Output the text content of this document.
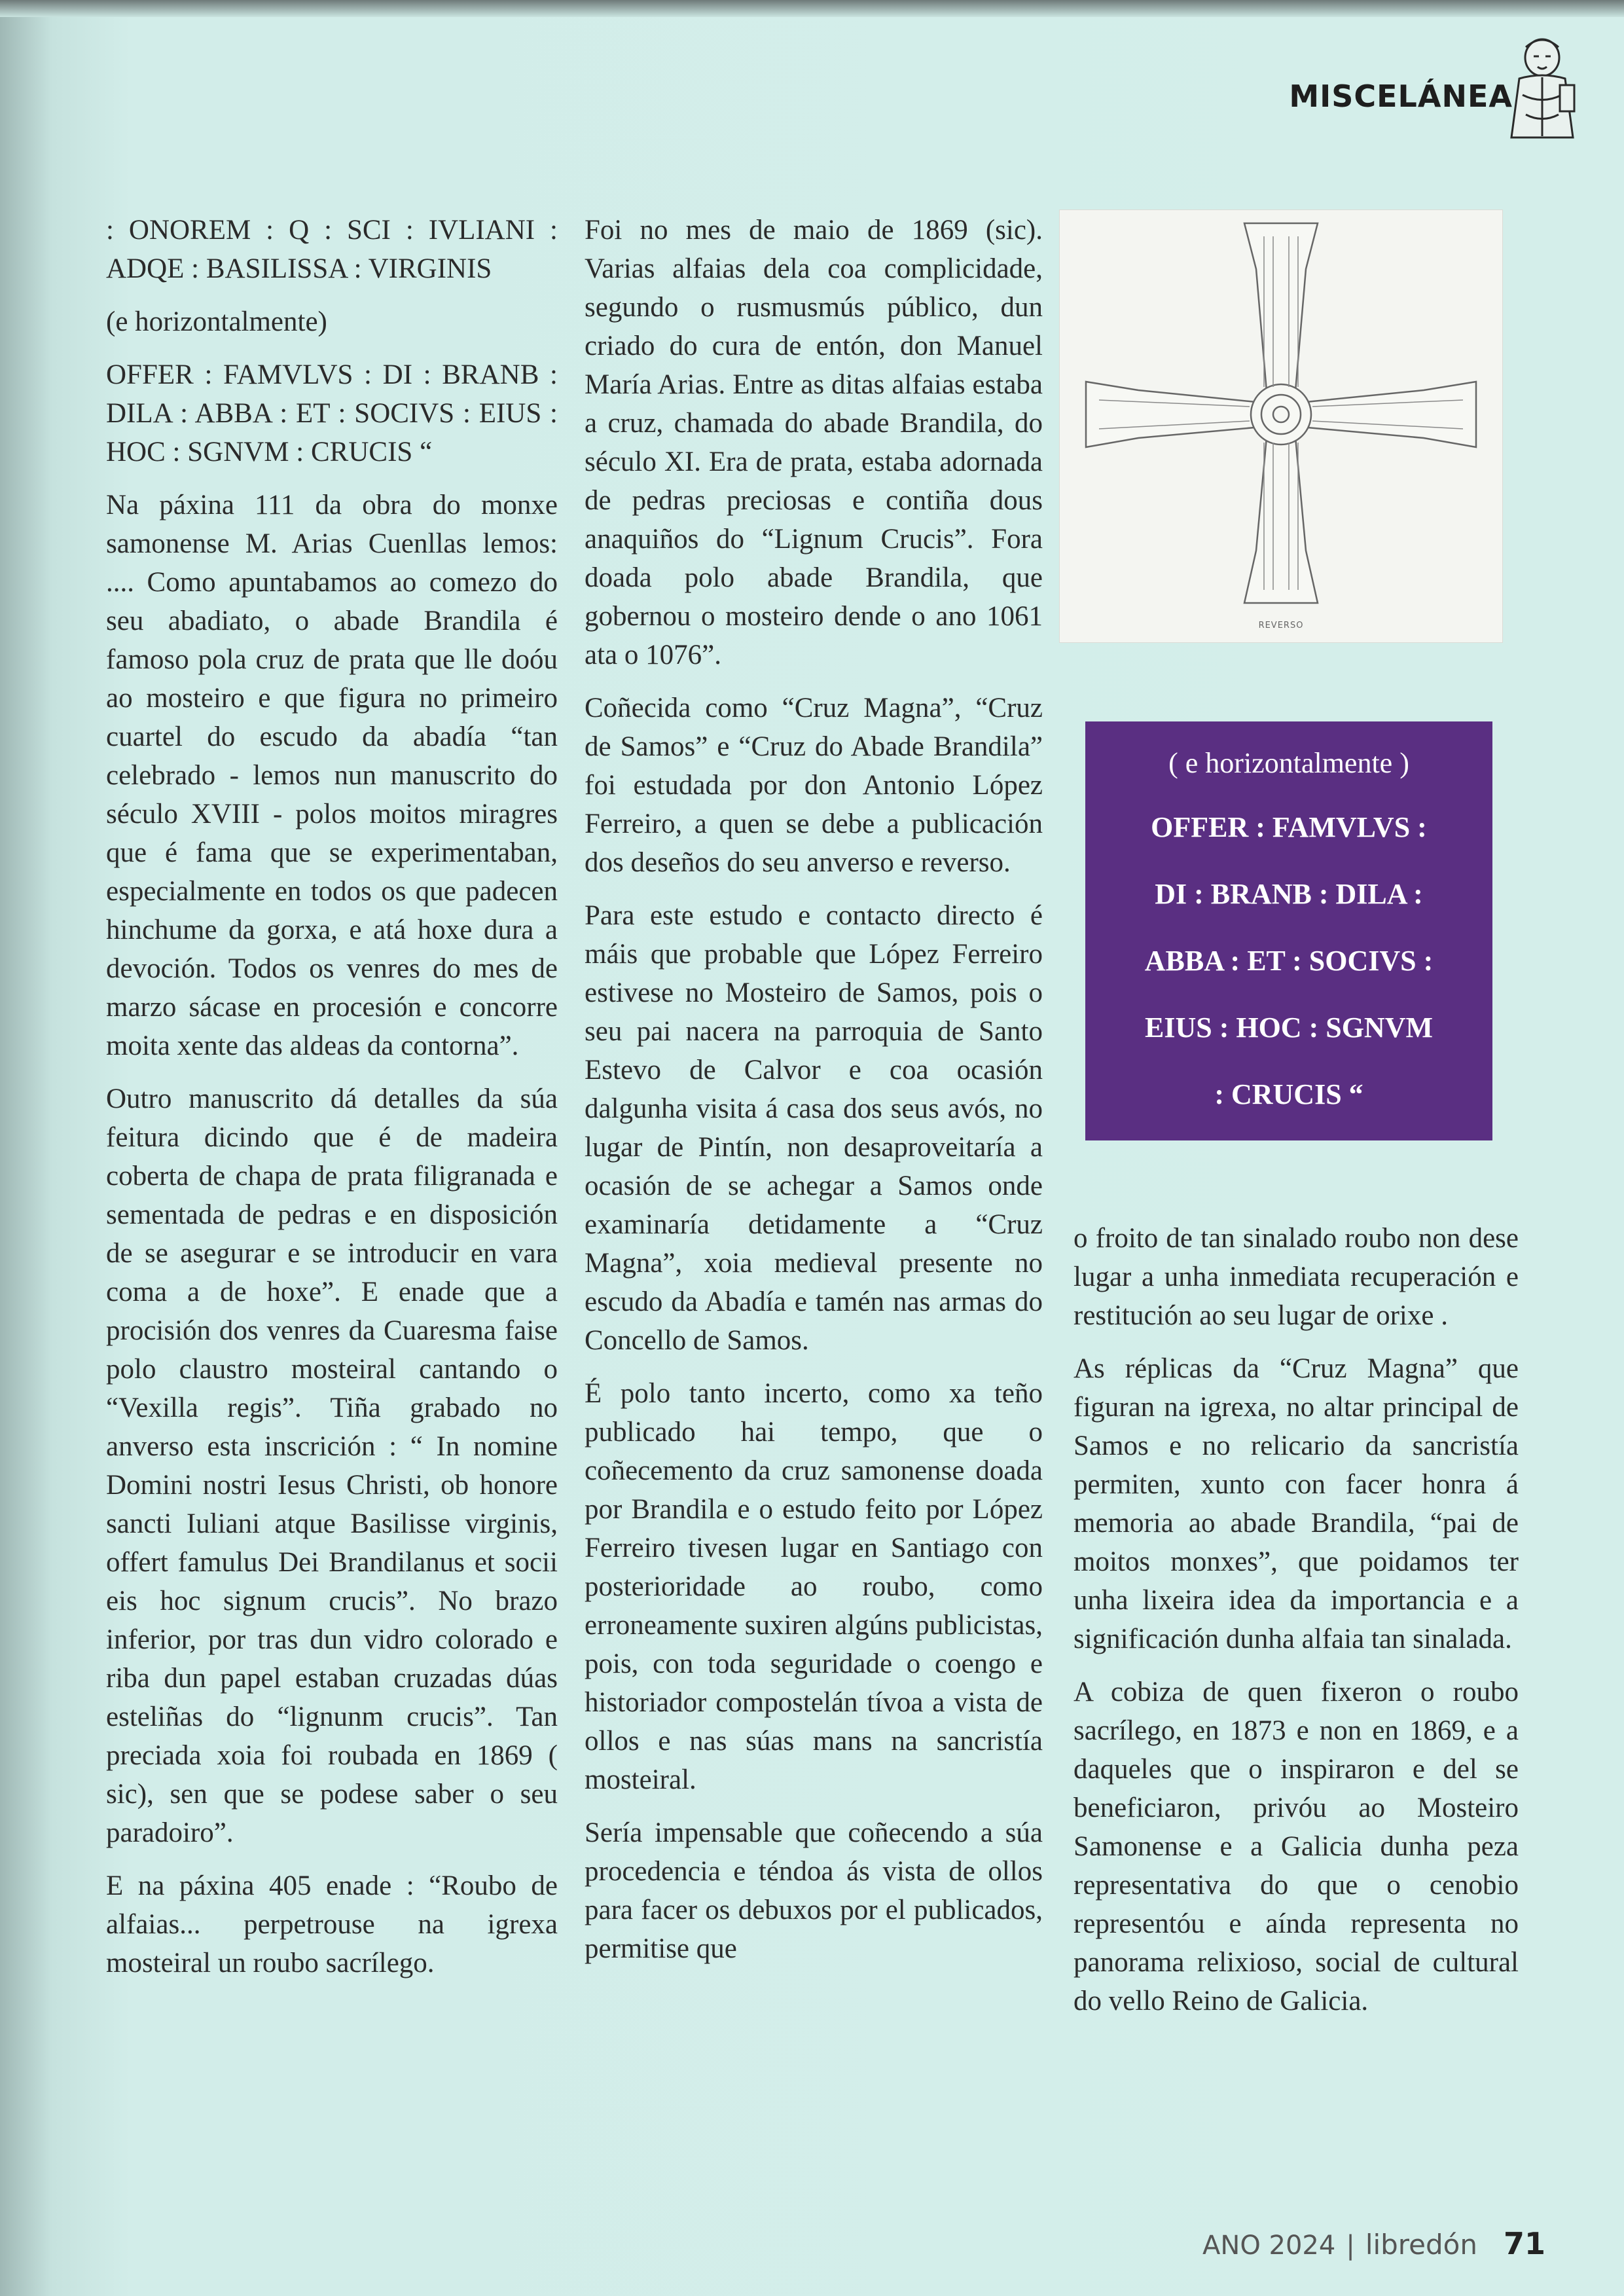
MISCELÁNEA

: ONOREM : Q : SCI : IVLIANI : ADQE : BASILISSA : VIRGINIS

(e horizontalmente)

OFFER : FAMVLVS : DI : BRANB : DILA : ABBA : ET : SOCIVS : EIUS : HOC : SGNVM : CRUCIS “

Na páxina 111 da obra do monxe samonense M. Arias Cuenllas lemos: .... Como apuntabamos ao comezo do seu abadiato, o abade Brandila é famoso pola cruz de prata que lle doóu ao mosteiro e que figura no primeiro cuartel do escudo da abadía “tan celebrado - lemos nun manuscrito do século XVIII - polos moitos miragres que é fama que se experimentaban, especialmente en todos os que padecen hinchume da gorxa, e atá hoxe dura a devoción. Todos os venres do mes de marzo sácase en procesión e concorre moita xente das aldeas da contorna”.

Outro manuscrito dá detalles da súa feitura dicindo que é de madeira coberta de chapa de prata filigranada e sementada de pedras e en disposición de se asegurar e se introducir en vara coma a de hoxe”. E enade que a procisión dos venres da Cuaresma faise polo claustro mosteiral cantando o “Vexilla regis”. Tiña grabado no anverso esta inscrición : “ In nomine Domini nostri Iesus Christi, ob honore sancti Iuliani atque Basilisse virginis, offert famulus Dei Brandilanus et socii eis hoc signum crucis”. No brazo inferior, por tras dun vidro colorado e riba dun papel estaban cruzadas dúas esteliñas do “lignunm crucis”. Tan preciada xoia foi roubada en 1869 ( sic), sen que se podese saber o seu paradoiro”.

E na páxina 405 enade : “Roubo de alfaias... perpetrouse na igrexa mosteiral un roubo sacrílego.

Foi no mes de maio de 1869 (sic). Varias alfaias dela coa complicidade, segundo o rusmusmús público, dun criado do cura de entón, don Manuel María Arias. Entre as ditas alfaias estaba a cruz, chamada do abade Brandila, do século XI. Era de prata, estaba adornada de pedras preciosas e contiña dous anaquiños do “Lignum Crucis”. Fora doada polo abade Brandila, que gobernou o mosteiro dende o ano 1061 ata o 1076”.

Coñecida como “Cruz Magna”, “Cruz de Samos” e “Cruz do Abade Brandila” foi estudada por don Antonio López Ferreiro, a quen se debe a publicación dos deseños do seu anverso e reverso.

Para este estudo e contacto directo é máis que probable que López Ferreiro estivese no Mosteiro de Samos, pois o seu pai nacera na parroquia de Santo Estevo de Calvor e coa ocasión dalgunha visita á casa dos seus avós, no lugar de Pintín, non desaproveitaría a ocasión de se achegar a Samos onde examinaría detidamente a “Cruz Magna”, xoia medieval presente no escudo da Abadía e tamén nas armas do Concello de Samos.

É polo tanto incerto, como xa teño publicado hai tempo, que o coñecemento da cruz samonense doada por Brandila e o estudo feito por López Ferreiro tivesen lugar en Santiago con posterioridade ao roubo, como erroneamente suxiren algúns publicistas, pois, con toda seguridade o coengo e historiador compostelán tívoa a vista de ollos e nas súas mans na sancristía mosteiral.

Sería impensable que coñecendo a súa procedencia e téndoa ás vista de ollos para facer os debuxos por el publicados, permitise que

REVERSO
( e horizontalmente )
OFFER : FAMVLVS :
DI : BRANB : DILA :
ABBA : ET : SOCIVS :
EIUS : HOC : SGNVM
: CRUCIS “

o froito de tan sinalado roubo non dese lugar a unha inmediata recuperación e restitución ao seu lugar de orixe .

As réplicas da “Cruz Magna” que figuran na igrexa, no altar principal de Samos e no relicario da sancristía permiten, xunto con facer honra á memoria ao abade Brandila, “pai de moitos monxes”, que poidamos ter unha lixeira idea da importancia e a significación dunha alfaia tan sinalada.

A cobiza de quen fixeron o roubo sacrílego, en 1873 e non en 1869, e a daqueles que o inspiraron e del se beneficiaron, privóu ao Mosteiro Samonense e a Galicia dunha peza representativa do que o cenobio representóu e aínda representa no panorama relixioso, social de cultural do vello Reino de Galicia.

ANO 2024 | libredón 71
